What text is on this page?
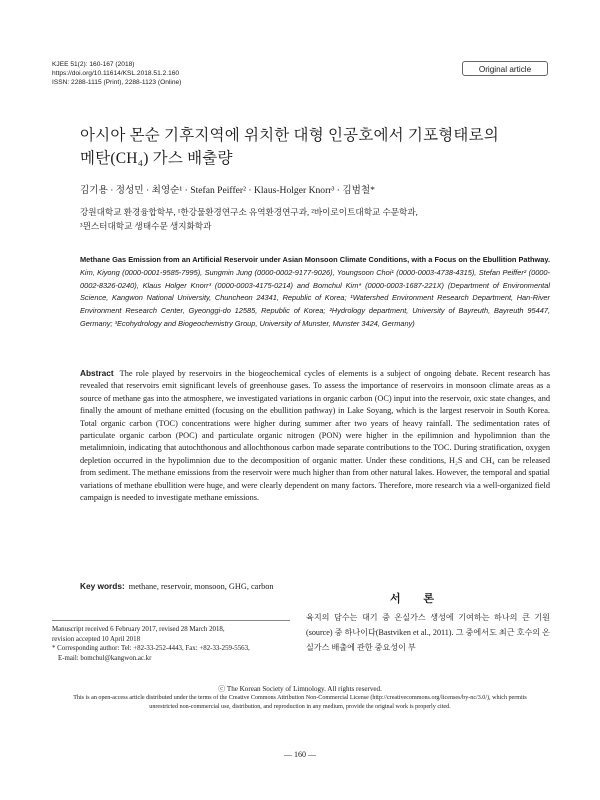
KJEE 51(2): 160-167 (2018)
https://doi.org/10.11614/KSL.2018.51.2.160
ISSN: 2288-1115 (Print), 2288-1123 (Online)
Original article
아시아 몬순 기후지역에 위치한 대형 인공호에서 기포형태로의
메탄(CH₄) 가스 배출량
김기용 · 정성민 · 최영순¹ · Stefan Peiffer² · Klaus-Holger Knorr³ · 김범철*
강원대학교 환경융합학부, ¹한강물환경연구소 유역환경연구과, ²바이로이트대학교 수문학과,
³뮌스터대학교 생태수문 생지화학과
Methane Gas Emission from an Artificial Reservoir under Asian Monsoon Climate Conditions, with a Focus on the Ebullition Pathway. Kim, Kiyong (0000-0001-9585-7995), Sungmin Jung (0000-0002-9177-9026), Youngsoon Choi¹ (0000-0003-4738-4315), Stefan Peiffer² (0000-0002-8326-0240), Klaus Holger Knorr³ (0000-0003-4175-0214) and Bomchul Kim* (0000-0003-1687-221X) (Department of Environmental Science, Kangwon National University, Chuncheon 24341, Republic of Korea; ¹Watershed Environment Research Department, Han-River Environment Research Center, Gyeonggi-do 12585, Republic of Korea; ²Hydrology department, University of Bayreuth, Bayreuth 95447, Germany; ³Ecohydrology and Biogeochemistry Group, University of Munster, Munster 3424, Germany)
Abstract The role played by reservoirs in the biogeochemical cycles of elements is a subject of ongoing debate. Recent research has revealed that reservoirs emit significant levels of greenhouse gases. To assess the importance of reservoirs in monsoon climate areas as a source of methane gas into the atmosphere, we investigated variations in organic carbon (OC) input into the reservoir, oxic state changes, and finally the amount of methane emitted (focusing on the ebullition pathway) in Lake Soyang, which is the largest reservoir in South Korea. Total organic carbon (TOC) concentrations were higher during summer after two years of heavy rainfall. The sedimentation rates of particulate organic carbon (POC) and particulate organic nitrogen (PON) were higher in the epilimnion and hypolimnion than the metalimnioin, indicating that autochthonous and allochthonous carbon made separate contributions to the TOC. During stratification, oxygen depletion occurred in the hypolimnion due to the decomposition of organic matter. Under these conditions, H₂S and CH₄ can be released from sediment. The methane emissions from the reservoir were much higher than from other natural lakes. However, the temporal and spatial variations of methane ebullition were huge, and were clearly dependent on many factors. Therefore, more research via a well-organized field campaign is needed to investigate methane emissions.
Key words: methane, reservoir, monsoon, GHG, carbon
Manuscript received 6 February 2017, revised 28 March 2018,
revision accepted 10 April 2018
* Corresponding author: Tel: +82-33-252-4443, Fax: +82-33-259-5563,
E-mail: bomchul@kangwon.ac.kr
서 론
육지의 담수는 대기 중 온실가스 생성에 기여하는 하나의 큰 기원(source) 중 하나이다(Bastviken et al., 2011). 그 중에서도 최근 호수의 온실가스 배출에 관한 중요성이 부
ⓒ The Korean Society of Limnology. All rights reserved.
This is an open-access article distributed under the terms of the Creative Commons Attribution Non-Commercial License (http://creativecommons.org/licenses/by-nc/3.0/), which permits unrestricted non-commercial use, distribution, and reproduction in any medium, provide the original work is properly cited.
— 160 —
